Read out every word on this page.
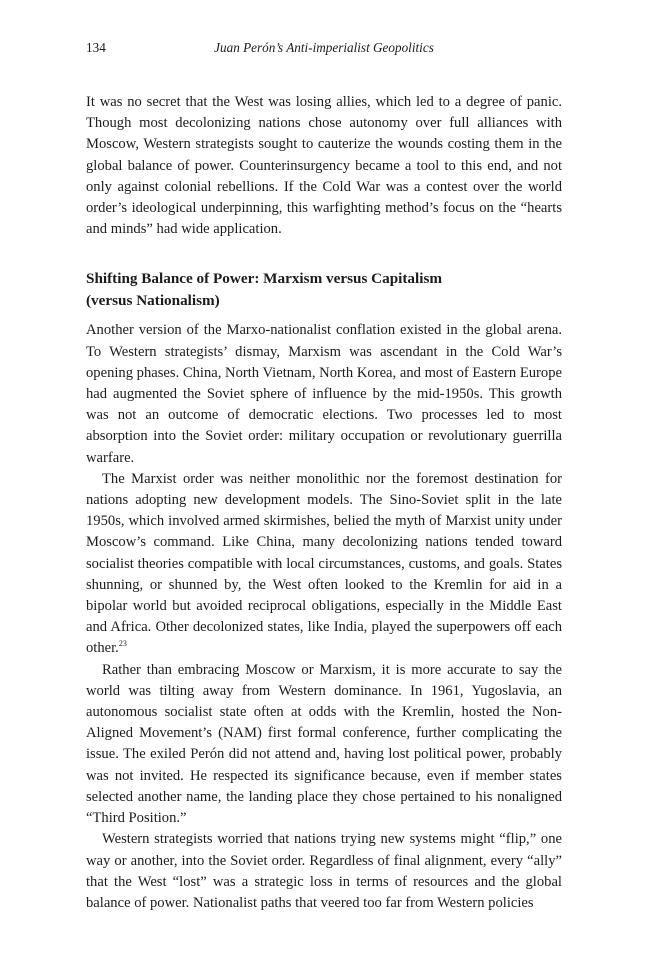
134	Juan Perón’s Anti-imperialist Geopolitics

It was no secret that the West was losing allies, which led to a degree of panic. Though most decolonizing nations chose autonomy over full alliances with Moscow, Western strategists sought to cauterize the wounds costing them in the global balance of power. Counterinsurgency became a tool to this end, and not only against colonial rebellions. If the Cold War was a contest over the world order’s ideological underpinning, this warfighting method’s focus on the “hearts and minds” had wide application.

Shifting Balance of Power: Marxism versus Capitalism
(versus Nationalism)

Another version of the Marxo-nationalist conflation existed in the global arena. To Western strategists’ dismay, Marxism was ascendant in the Cold War’s opening phases. China, North Vietnam, North Korea, and most of Eastern Europe had augmented the Soviet sphere of influence by the mid-1950s. This growth was not an outcome of democratic elections. Two processes led to most absorption into the Soviet order: military occupation or revolutionary guerrilla warfare.

The Marxist order was neither monolithic nor the foremost destination for nations adopting new development models. The Sino-Soviet split in the late 1950s, which involved armed skirmishes, belied the myth of Marxist unity under Moscow’s command. Like China, many decolonizing nations tended toward socialist theories compatible with local circumstances, customs, and goals. States shunning, or shunned by, the West often looked to the Kremlin for aid in a bipolar world but avoided reciprocal obligations, especially in the Middle East and Africa. Other decolonized states, like India, played the superpowers off each other.$^{23}$

Rather than embracing Moscow or Marxism, it is more accurate to say the world was tilting away from Western dominance. In 1961, Yugoslavia, an autonomous socialist state often at odds with the Kremlin, hosted the Non-Aligned Movement’s (NAM) first formal conference, further complicating the issue. The exiled Perón did not attend and, having lost political power, probably was not invited. He respected its significance because, even if member states selected another name, the landing place they chose pertained to his nonaligned “Third Position.”

Western strategists worried that nations trying new systems might “flip,” one way or another, into the Soviet order. Regardless of final alignment, every “ally” that the West “lost” was a strategic loss in terms of resources and the global balance of power. Nationalist paths that veered too far from Western policies
